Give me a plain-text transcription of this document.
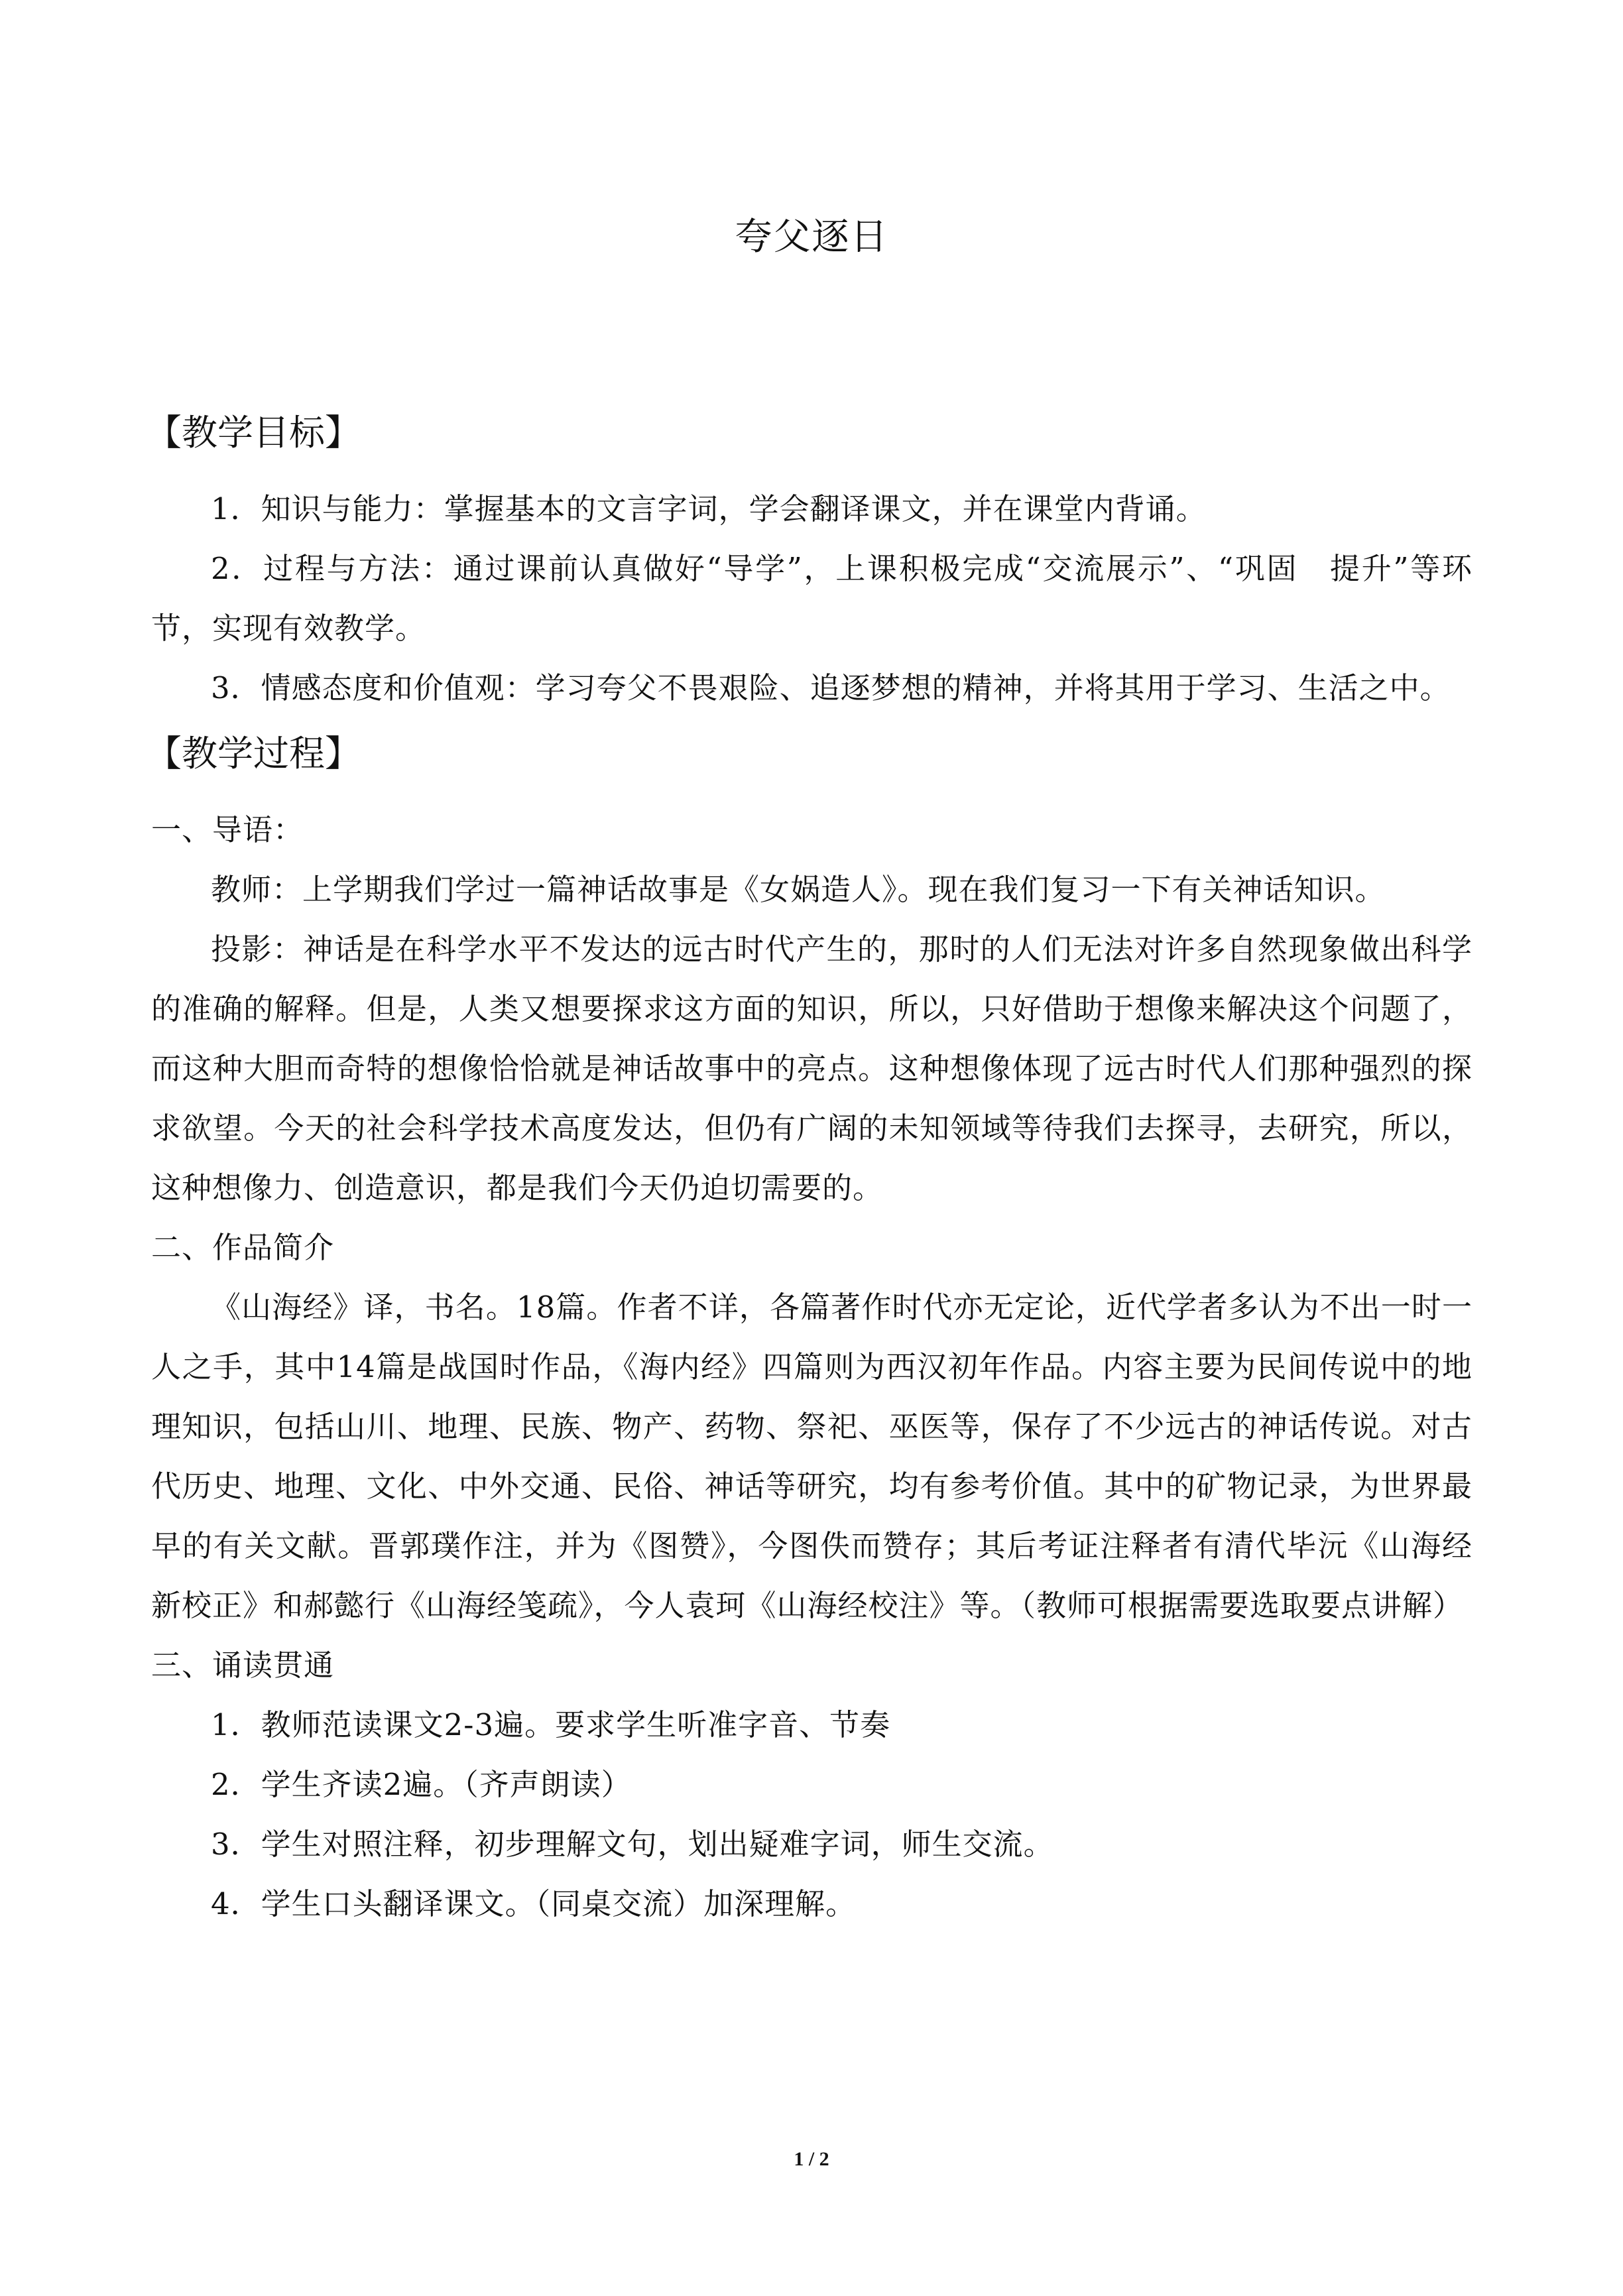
夸父逐日
【教学目标】

1．知识与能力：掌握基本的文言字词，学会翻译课文，并在课堂内背诵。

2．过程与方法：通过课前认真做好“导学”，上课积极完成“交流展示”、“巩固　提升”等环节，实现有效教学。

3．情感态度和价值观：学习夸父不畏艰险、追逐梦想的精神，并将其用于学习、生活之中。

【教学过程】

一、导语：

教师：上学期我们学过一篇神话故事是《女娲造人》。现在我们复习一下有关神话知识。

投影：神话是在科学水平不发达的远古时代产生的，那时的人们无法对许多自然现象做出科学的准确的解释。但是，人类又想要探求这方面的知识，所以，只好借助于想像来解决这个问题了，而这种大胆而奇特的想像恰恰就是神话故事中的亮点。这种想像体现了远古时代人们那种强烈的探求欲望。今天的社会科学技术高度发达，但仍有广阔的未知领域等待我们去探寻，去研究，所以，这种想像力、创造意识，都是我们今天仍迫切需要的。

二、作品简介

《山海经》译，书名。18篇。作者不详，各篇著作时代亦无定论，近代学者多认为不出一时一人之手，其中14篇是战国时作品，《海内经》四篇则为西汉初年作品。内容主要为民间传说中的地理知识，包括山川、地理、民族、物产、药物、祭祀、巫医等，保存了不少远古的神话传说。对古代历史、地理、文化、中外交通、民俗、神话等研究，均有参考价值。其中的矿物记录，为世界最早的有关文献。晋郭璞作注，并为《图赞》，今图佚而赞存；其后考证注释者有清代毕沅《山海经新校正》和郝懿行《山海经笺疏》，今人袁珂《山海经校注》等。（教师可根据需要选取要点讲解）

三、诵读贯通

1．教师范读课文2-3遍。要求学生听准字音、节奏

2．学生齐读2遍。（齐声朗读）

3．学生对照注释，初步理解文句，划出疑难字词，师生交流。

4．学生口头翻译课文。（同桌交流）加深理解。

1 / 2
